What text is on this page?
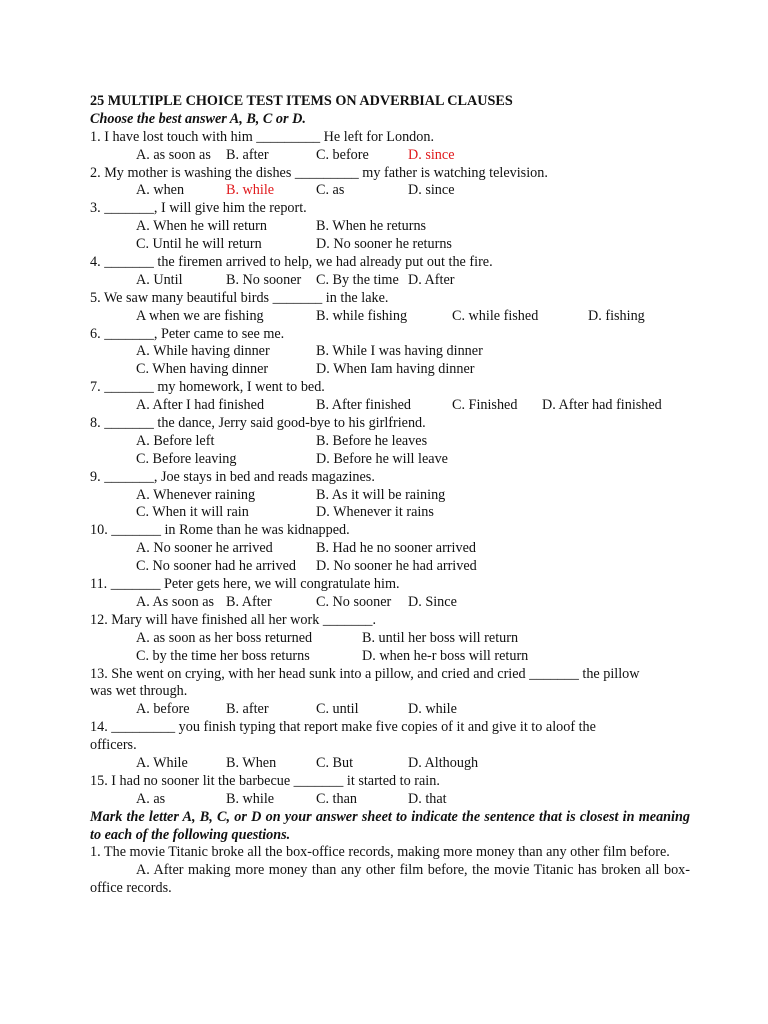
25 MULTIPLE CHOICE TEST ITEMS ON ADVERBIAL CLAUSES
Choose the best answer A, B, C or D.
1. I have lost touch with him _________ He left for London.
A. as soon as B. after	C. before	D. since
2. My mother is washing the dishes _________ my father is watching television.
A. when	B. while	C. as	D. since
3. _______, I will give him the report.
A. When he will return	B. When he returns
C. Until he will return	D. No sooner he returns
4. _______ the firemen arrived to help, we had already put out the fire.
A. Until	B. No sooner C. By the time D. After
5. We saw many beautiful birds _______ in the lake.
A when we are fishing	B. while fishing	C. while fished	D. fishing
6. _______, Peter came to see me.
A. While having dinner	B. While I was having dinner
C. When having dinner	D. When Iam having dinner
7. _______ my homework, I went to bed.
A. After I had finished	B. After finished	C. Finished D. After had finished
8. _______ the dance, Jerry said good-bye to his girlfriend.
A. Before left	B. Before he leaves
C. Before leaving	D. Before he will leave
9. _______, Joe stays in bed and reads magazines.
A. Whenever raining	B. As it will be raining
C. When it will rain	D. Whenever it rains
10. _______ in Rome than he was kidnapped.
A. No sooner he arrived	B. Had he no sooner arrived
C. No sooner had he arrived D. No sooner he had arrived
11. _______ Peter gets here, we will congratulate him.
A. As soon as B. After	C. No sooner D. Since
12. Mary will have finished all her work _______.
A. as soon as her boss returned	B. until her boss will return
C. by the time her boss returns	D. when he-r boss will return
13. She went on crying, with her head sunk into a pillow, and cried and cried _______ the pillow
was wet through.
A. before	B. after	C. until	D. while
14. _________ you finish typing that report make five copies of it and give it to aloof the
officers.
A. While	B. When	C. But	D. Although
15. I had no sooner lit the barbecue _______ it started to rain.
A. as	B. while	C. than	D. that
Mark the letter A, B, C, or D on your answer sheet to indicate the sentence that is closest in meaning to each of the following questions.
1. The movie Titanic broke all the box-office records, making more money than any other film before.
A. After making more money than any other film before, the movie Titanic has broken all box-office records.
